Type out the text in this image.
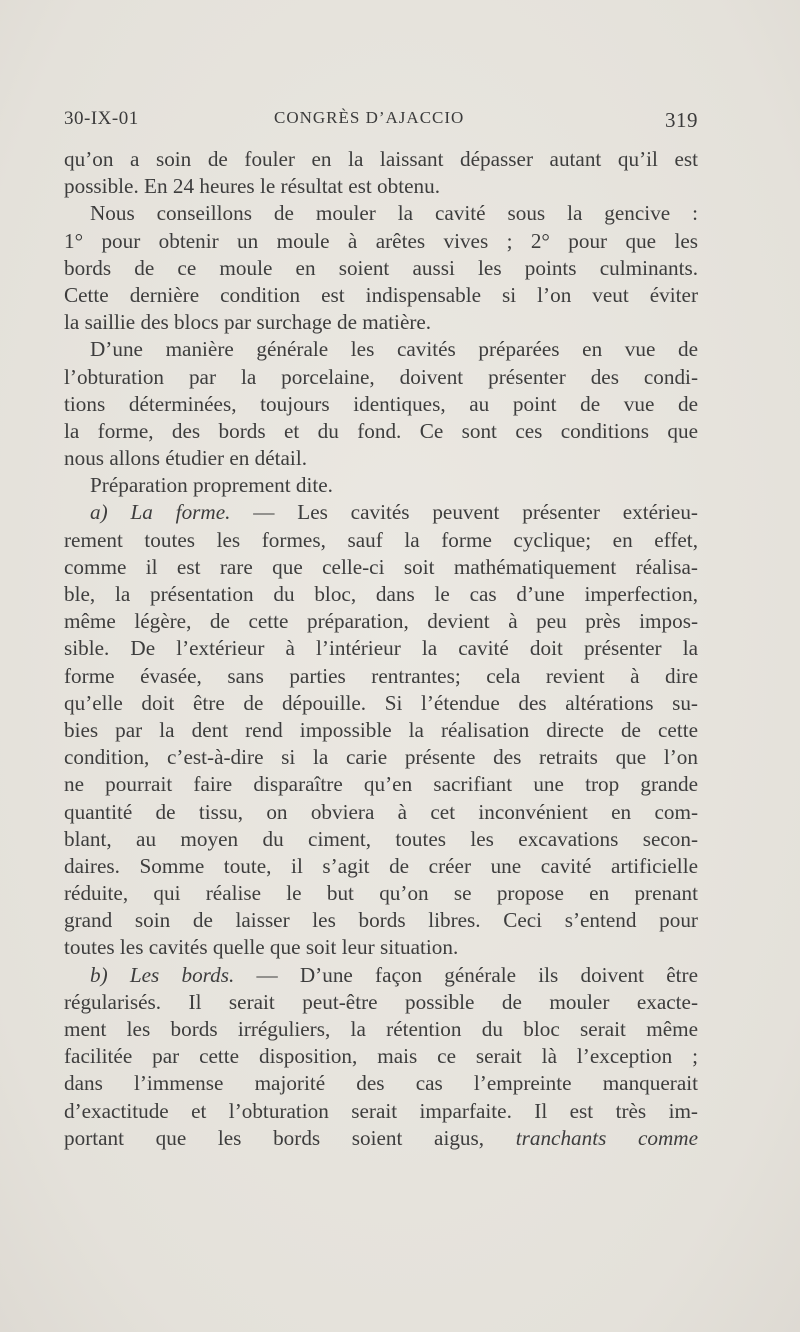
30-IX-01	CONGRÈS D’AJACCIO	319
qu’on a soin de fouler en la laissant dépasser autant qu’il est
possible. En 24 heures le résultat est obtenu.
Nous conseillons de mouler la cavité sous la gencive :
1° pour obtenir un moule à arêtes vives ; 2° pour que les
bords de ce moule en soient aussi les points culminants.
Cette dernière condition est indispensable si l’on veut éviter
la saillie des blocs par surchage de matière.
D’une manière générale les cavités préparées en vue de
l’obturation par la porcelaine, doivent présenter des condi-
tions déterminées, toujours identiques, au point de vue de
la forme, des bords et du fond. Ce sont ces conditions que
nous allons étudier en détail.
Préparation proprement dite.
a) La forme. — Les cavités peuvent présenter extérieu-
rement toutes les formes, sauf la forme cyclique; en effet,
comme il est rare que celle-ci soit mathématiquement réalisa-
ble, la présentation du bloc, dans le cas d’une imperfection,
même légère, de cette préparation, devient à peu près impos-
sible. De l’extérieur à l’intérieur la cavité doit présenter la
forme évasée, sans parties rentrantes; cela revient à dire
qu’elle doit être de dépouille. Si l’étendue des altérations su-
bies par la dent rend impossible la réalisation directe de cette
condition, c’est-à-dire si la carie présente des retraits que l’on
ne pourrait faire disparaître qu’en sacrifiant une trop grande
quantité de tissu, on obviera à cet inconvénient en com-
blant, au moyen du ciment, toutes les excavations secon-
daires. Somme toute, il s’agit de créer une cavité artificielle
réduite, qui réalise le but qu’on se propose en prenant
grand soin de laisser les bords libres. Ceci s’entend pour
toutes les cavités quelle que soit leur situation.
b) Les bords. — D’une façon générale ils doivent être
régularisés. Il serait peut-être possible de mouler exacte-
ment les bords irréguliers, la rétention du bloc serait même
facilitée par cette disposition, mais ce serait là l’exception ;
dans l’immense majorité des cas l’empreinte manquerait
d’exactitude et l’obturation serait imparfaite. Il est très im-
portant que les bords soient aigus, tranchants comme
